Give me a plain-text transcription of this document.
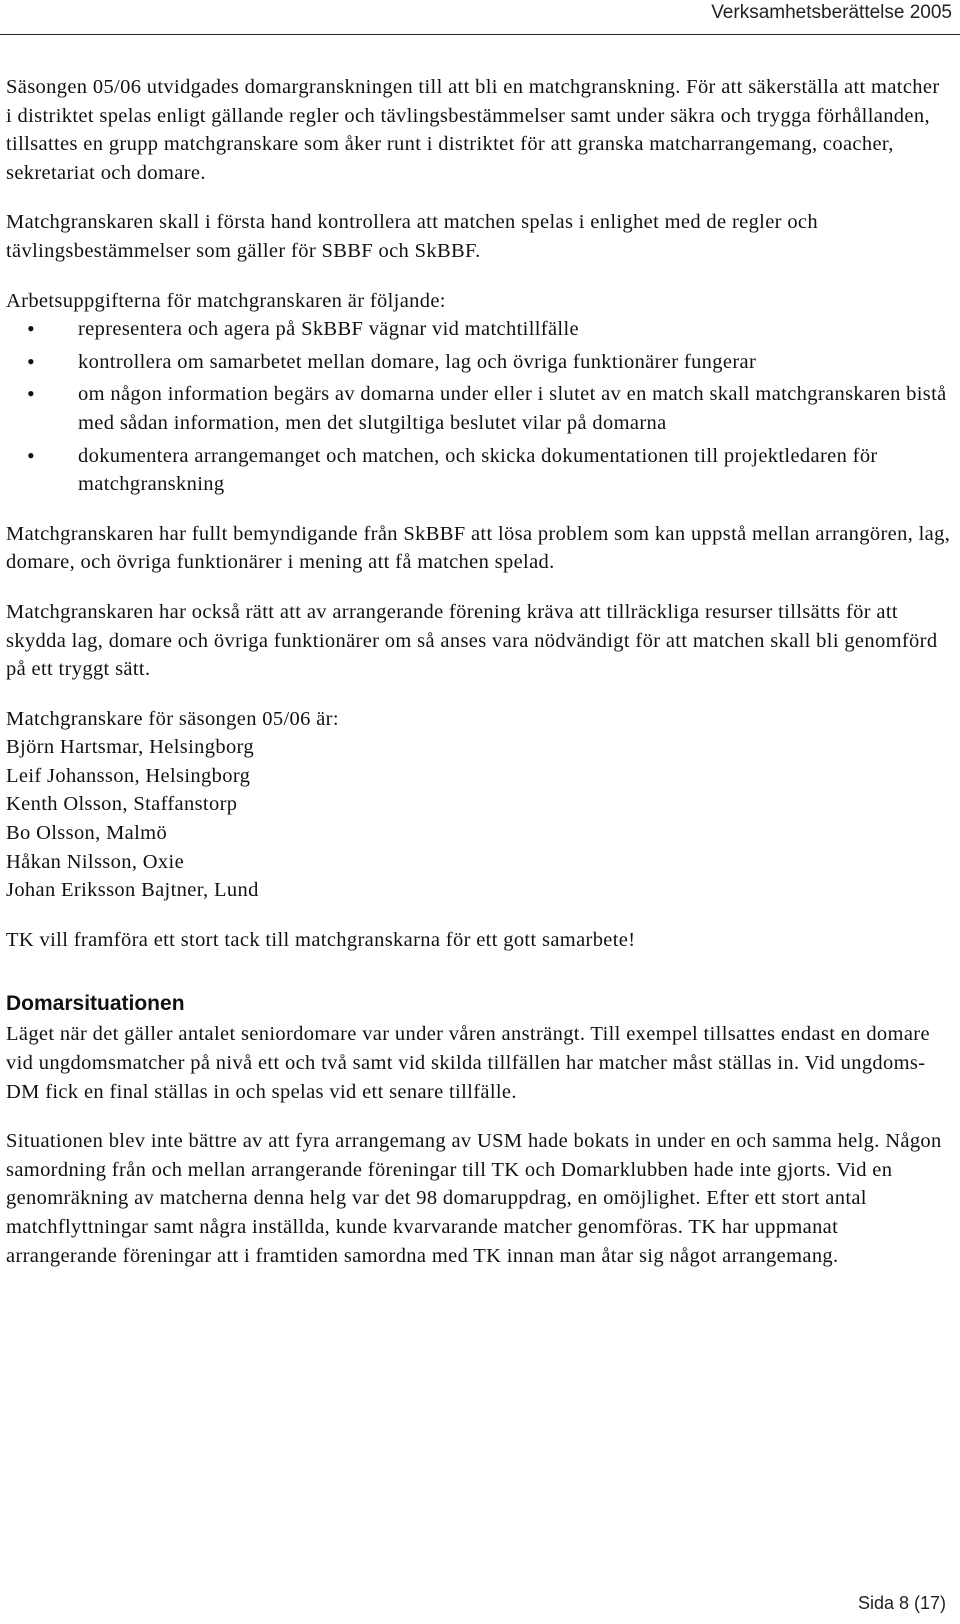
Verksamhetsberättelse 2005

Säsongen 05/06 utvidgades domargranskningen till att bli en matchgranskning. För att säkerställa att matcher i distriktet spelas enligt gällande regler och tävlingsbestämmelser samt under säkra och trygga förhållanden, tillsattes en grupp matchgranskare som åker runt i distriktet för att granska matcharrangemang, coacher, sekretariat och domare.

Matchgranskaren skall i första hand kontrollera att matchen spelas i enlighet med de regler och tävlingsbestämmelser som gäller för SBBF och SkBBF.

Arbetsuppgifterna för matchgranskaren är följande:
• representera och agera på SkBBF vägnar vid matchtillfälle
• kontrollera om samarbetet mellan domare, lag och övriga funktionärer fungerar
• om någon information begärs av domarna under eller i slutet av en match skall matchgranskaren bistå med sådan information, men det slutgiltiga beslutet vilar på domarna
• dokumentera arrangemanget och matchen, och skicka dokumentationen till projektledaren för matchgranskning

Matchgranskaren har fullt bemyndigande från SkBBF att lösa problem som kan uppstå mellan arrangören, lag, domare, och övriga funktionärer i mening att få matchen spelad.

Matchgranskaren har också rätt att av arrangerande förening kräva att tillräckliga resurser tillsätts för att skydda lag, domare och övriga funktionärer om så anses vara nödvändigt för att matchen skall bli genomförd på ett tryggt sätt.

Matchgranskare för säsongen 05/06 är:
Björn Hartsmar, Helsingborg
Leif Johansson, Helsingborg
Kenth Olsson, Staffanstorp
Bo Olsson, Malmö
Håkan Nilsson, Oxie
Johan Eriksson Bajtner, Lund

TK vill framföra ett stort tack till matchgranskarna för ett gott samarbete!

Domarsituationen

Läget när det gäller antalet seniordomare var under våren ansträngt. Till exempel tillsattes endast en domare vid ungdomsmatcher på nivå ett och två samt vid skilda tillfällen har matcher måst ställas in. Vid ungdoms-DM fick en final ställas in och spelas vid ett senare tillfälle.

Situationen blev inte bättre av att fyra arrangemang av USM hade bokats in under en och samma helg. Någon samordning från och mellan arrangerande föreningar till TK och Domarklubben hade inte gjorts. Vid en genomräkning av matcherna denna helg var det 98 domaruppdrag, en omöjlighet. Efter ett stort antal matchflyttningar samt några inställda, kunde kvarvarande matcher genomföras. TK har uppmanat arrangerande föreningar att i framtiden samordna med TK innan man åtar sig något arrangemang.

Sida 8 (17)
